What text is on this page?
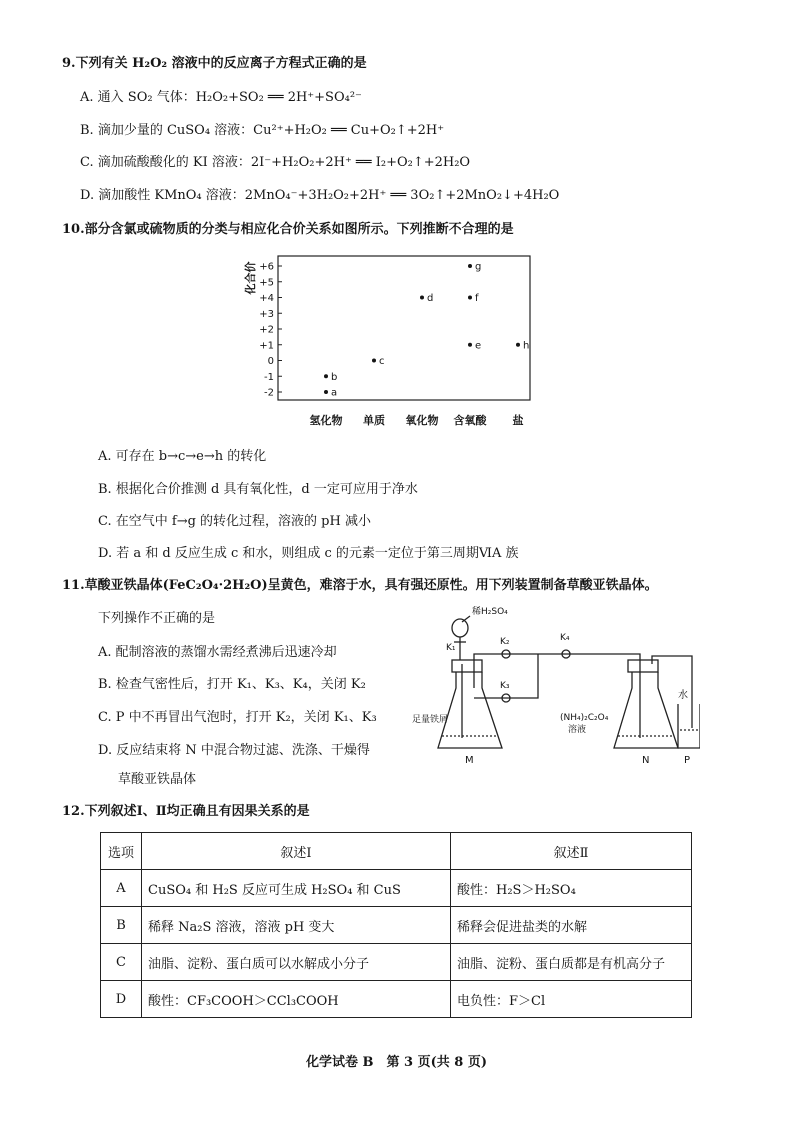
9.下列有关 H₂O₂ 溶液中的反应离子方程式正确的是
A. 通入 SO₂ 气体：H₂O₂+SO₂ ══ 2H⁺+SO₄²⁻
B. 滴加少量的 CuSO₄ 溶液：Cu²⁺+H₂O₂ ══ Cu+O₂↑+2H⁺
C. 滴加硫酸酸化的 KI 溶液：2I⁻+H₂O₂+2H⁺ ══ I₂+O₂↑+2H₂O
D. 滴加酸性 KMnO₄ 溶液：2MnO₄⁻+3H₂O₂+2H⁺ ══ 3O₂↑+2MnO₂↓+4H₂O
10.部分含氯或硫物质的分类与相应化合价关系如图所示。下列推断不合理的是
+6
+5
+4
+3
+2
+1
0
-1
-2
化合价
氢化物 单质 氧化物 含氧酸 盐
b
a
c
d
g
f
e	h
A. 可存在 b→c→e→h 的转化
B. 根据化合价推测 d 具有氧化性，d 一定可应用于净水
C. 在空气中 f→g 的转化过程，溶液的 pH 减小
D. 若 a 和 d 反应生成 c 和水，则组成 c 的元素一定位于第三周期ⅥA 族
11.草酸亚铁晶体(FeC₂O₄·2H₂O)呈黄色，难溶于水，具有强还原性。用下列装置制备草酸亚铁晶体。
下列操作不正确的是
A. 配制溶液的蒸馏水需经煮沸后迅速冷却
B. 检查气密性后，打开 K₁、K₃、K₄，关闭 K₂
C. P 中不再冒出气泡时，打开 K₂，关闭 K₁、K₃
D. 反应结束将 N 中混合物过滤、洗涤、干燥得
草酸亚铁晶体
K₁
稀H₂SO₄
足量铁屑
M
K₂	K₄
K₃
(NH₄)₂C₂O₄
溶液
N	P
水
12.下列叙述Ⅰ、Ⅱ均正确且有因果关系的是
选项	叙述Ⅰ	叙述Ⅱ
A	CuSO₄ 和 H₂S 反应可生成 H₂SO₄ 和 CuS	酸性：H₂S＞H₂SO₄
B	稀释 Na₂S 溶液，溶液 pH 变大	稀释会促进盐类的水解
C	油脂、淀粉、蛋白质可以水解成小分子	油脂、淀粉、蛋白质都是有机高分子
D	酸性：CF₃COOH＞CCl₃COOH	电负性：F＞Cl
化学试卷 B　第 3 页(共 8 页)
